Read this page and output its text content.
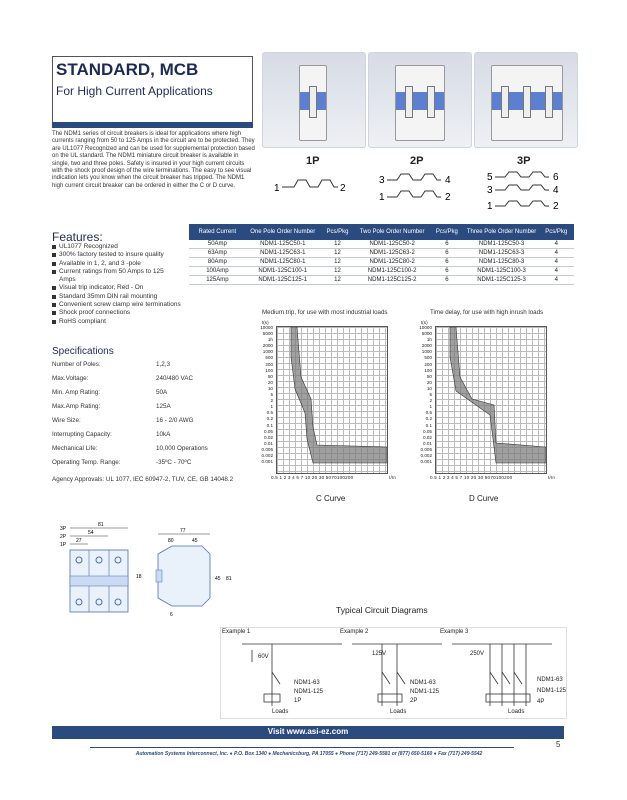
STANDARD, MCB
For High Current Applications
The NDM1 series of circuit breakers is ideal for applications where high currents ranging from 50 to 125 Amps in the circuit are to be protected. They are UL1077 Recognized and can be used for supplemental protection based on the UL standard. The NDM1 miniature circuit breaker is available in single, two and three poles. Safety is insured in your high current circuits with the shock proof design of the wire terminations. The easy to see visual indication lets you know when the circuit breaker has tripped. The NDM1 high current circuit breaker can be ordered in either the C or D curve.
1P	2P	3P
1	2
3
1
4
2
5
3
1
6
4
2
Features:
UL1077 Recognized
300% factory tested to insure quality
Available in 1, 2, and 3 -pole
Current ratings from 50 Amps to 125 Amps
Visual trip indicator, Red - On
Standard 35mm DIN rail mounting
Convenient screw clamp wire terminations
Shock proof connections
RoHS compliant
Rated Current	One Pole Order Number	Pcs/Pkg	Two Pole Order Number	Pcs/Pkg	Three Pole Order Number	Pcs/Pkg
50Amp	NDM1-125C50-1	12	NDM1-125C50-2	6	NDM1-125C50-3	4
63Amp	NDM1-125C63-1	12	NDM1-125C63-2	6	NDM1-125C63-3	4
80Amp	NDM1-125C80-1	12	NDM1-125C80-2	6	NDM1-125C80-3	4
100Amp	NDM1-125C100-1	12	NDM1-125C100-2	6	NDM1-125C100-3	4
125Amp	NDM1-125C125-1	12	NDM1-125C125-2	6	NDM1-125C125-3	4
Specifications
Number of Poles:	1,2,3
Max.Voltage:	240/480 VAC
Min. Amp Rating:	50A
Max.Amp Rating:	125A
Wire Size:	16 - 2/0 AWG
Interrupting Capacity:	10kA
Mechanical Life:	10,000 Operations
Operating Temp. Range:	-35ºC - 70ºC
Agency Approvals: UL 1077, IEC 60947-2, TUV, CE, GB 14048.2
Medium trip, for use with most industrial loads
t(s)
10000
5000
1h
2000
1000
500
200
100
50
20
10
5
2
1
0.5
0.2
0.1
0.05
0.02
0.01
0.005
0.002
0.001
0.5 1 2 3 4 5 7 10 20 30 5070100200	I/In
C Curve
Time delay, for use with high inrush loads
t(s)
10000
5000
1h
2000
1000
500
200
100
50
20
10
5
2
1
0.5
0.2
0.1
0.05
0.02
0.01
0.005
0.002
0.001
0.5 1 2 3 4 5 7 10 20 30 5070100200	I/In
D Curve
3P
2P
1P
81
54
27
18
77
80	45
45 81
6	Typical Circuit Diagrams
Example 1	Example 2	Example 3
60V
NDM1-63
NDM1-125
1P
Loads
125V
NDM1-63
NDM1-125
2P
Loads
250V
NDM1-63
NDM1-125
4P
Loads
Visit www.asi-ez.com
5
Automation Systems Interconnect, Inc. ● P.O. Box 1340 ● Mechanicsburg, PA 17055 ● Phone (717) 249-5581 or (877) 650-5160 ● Fax (717) 249-5542
